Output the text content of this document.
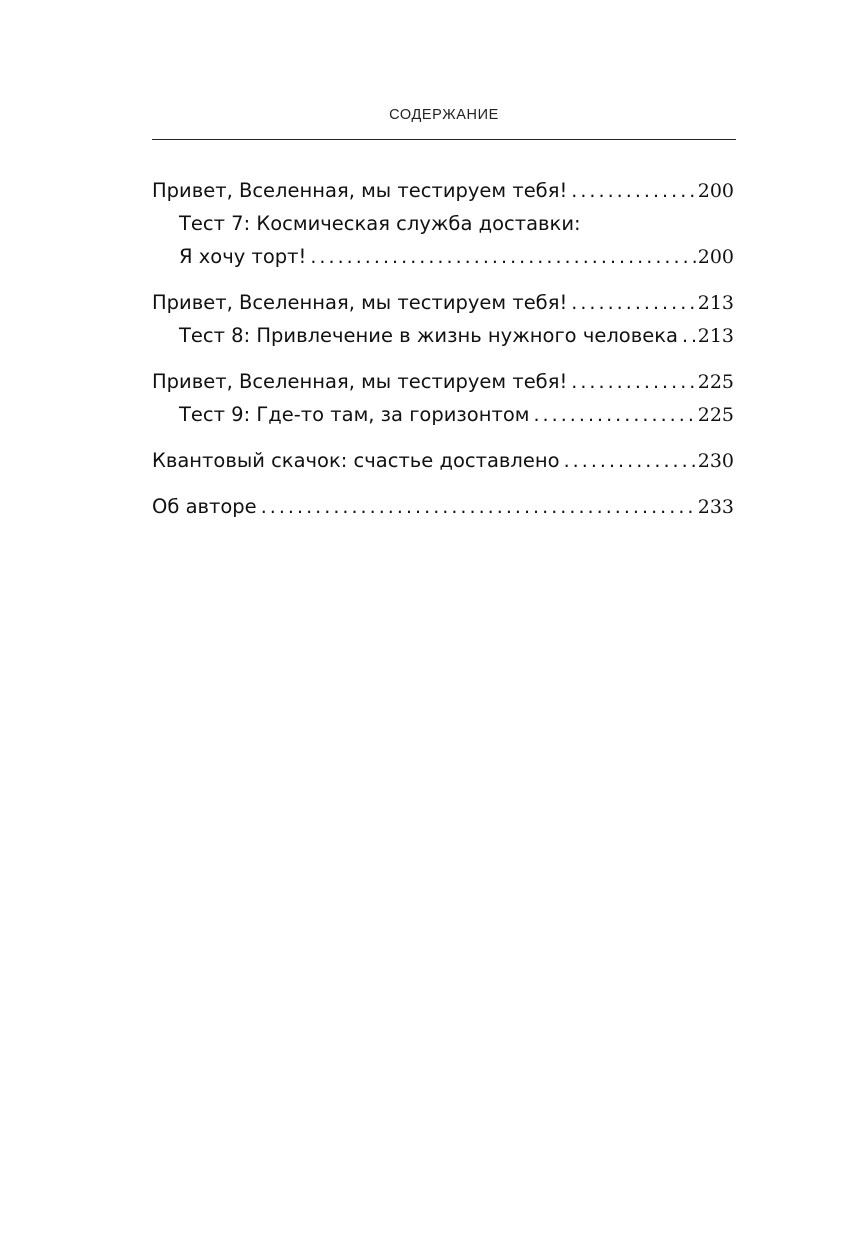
СОДЕРЖАНИЕ
Привет, Вселенная, мы тестируем тебя! . . .	200
Тест 7: Космическая служба доставки:
Я хочу торт! . . .	200
Привет, Вселенная, мы тестируем тебя! . . .	213
Тест 8: Привлечение в жизнь нужного человека . . . 213
Привет, Вселенная, мы тестируем тебя! . . .	225
Тест 9: Где-то там, за горизонтом . . .	225
Квантовый скачок: счастье доставлено . . .	230
Об авторе . . .	233
